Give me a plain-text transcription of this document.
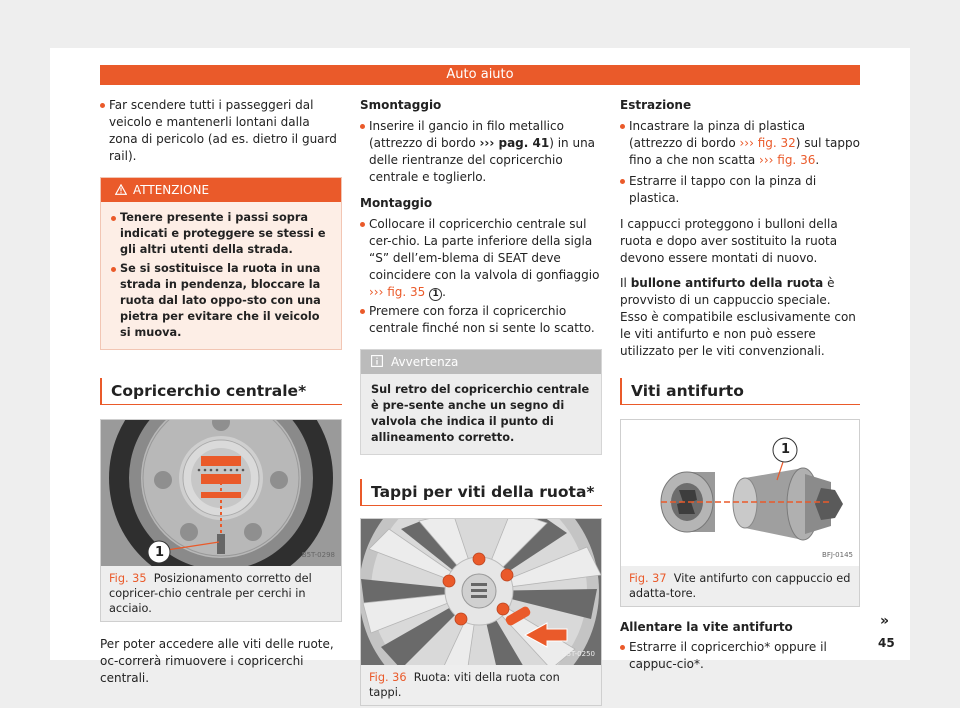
Auto aiuto
Far scendere tutti i passeggeri dal veicolo e mantenerli lontani dalla zona di pericolo (ad es. dietro il guard rail).
ATTENZIONE
Tenere presente i passi sopra indicati e proteggere se stessi e gli altri utenti della strada.
Se si sostituisce la ruota in una strada in pendenza, bloccare la ruota dal lato oppo-sto con una pietra per evitare che il veicolo si muova.
Copricerchio centrale*
1	B5T-0298
Fig. 35 Posizionamento corretto del copricer-chio centrale per cerchi in acciaio.
Per poter accedere alle viti delle ruote, oc-correrà rimuovere i copricerchi centrali.
Smontaggio
Inserire il gancio in filo metallico (attrezzo di bordo ››› pag. 41) in una delle rientranze del copricerchio centrale e toglierlo.
Montaggio
Collocare il copricerchio centrale sul cer-chio. La parte inferiore della sigla “S” dell’em-blema di SEAT deve coincidere con la valvola di gonfiaggio ››› fig. 35 1 .
Premere con forza il copricerchio centrale finché non si sente lo scatto.
Avvertenza
Sul retro del copricerchio centrale è pre-sente anche un segno di valvola che indica il punto di allineamento corretto.
Tappi per viti della ruota*
B5T-0250
Fig. 36 Ruota: viti della ruota con tappi.
Estrazione
Incastrare la pinza di plastica (attrezzo di bordo ››› fig. 32) sul tappo fino a che non scatta ››› fig. 36.
Estrarre il tappo con la pinza di plastica.
I cappucci proteggono i bulloni della ruota e dopo aver sostituito la ruota devono essere montati di nuovo.
Il bullone antifurto della ruota è provvisto di un cappuccio speciale. Esso è compatibile esclusivamente con le viti antifurto e non può essere utilizzato per le viti convenzionali.
Viti antifurto
1
BFJ-0145
Fig. 37 Vite antifurto con cappuccio ed adatta-tore.
Allentare la vite antifurto
Estrarre il copricerchio* oppure il cappuc-cio*.
»
45
